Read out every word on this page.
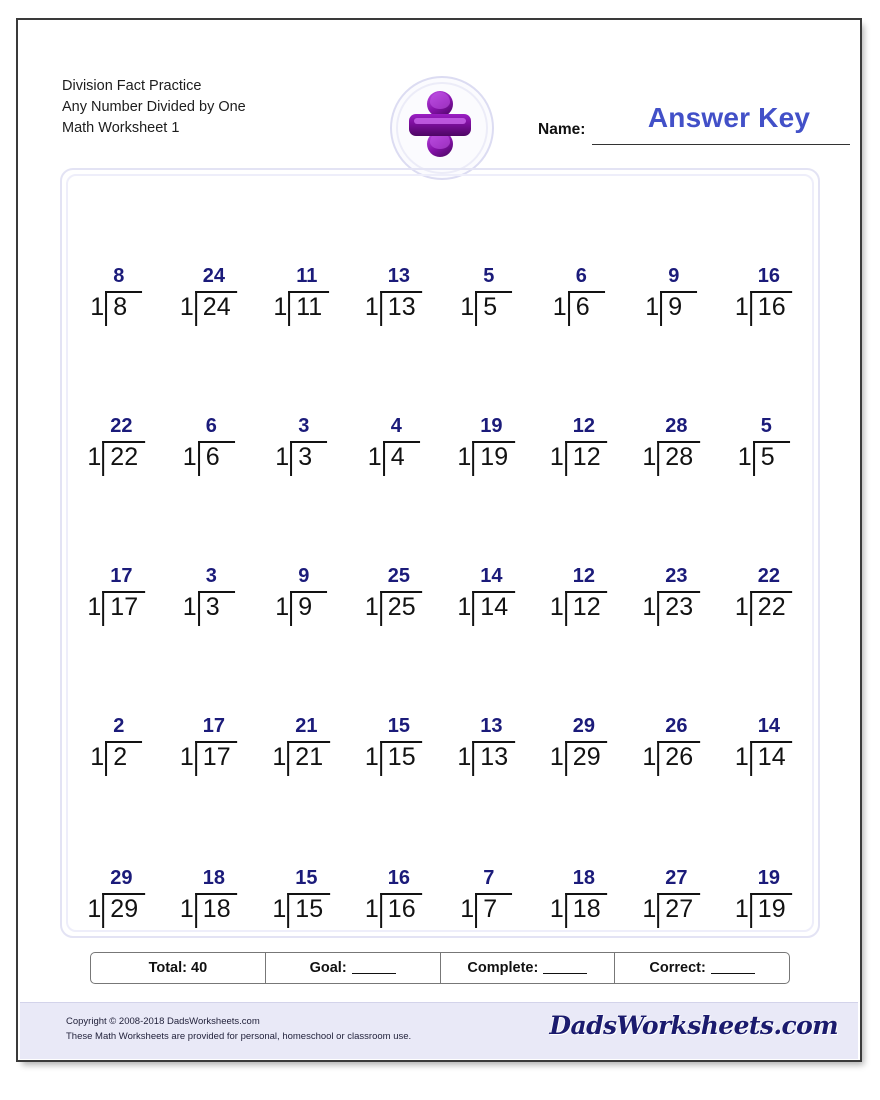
Division Fact Practice
Any Number Divided by One
Math Worksheet 1	Name:	Answer Key
1
8
8	1
24
24 1
11
11 1
13
13 1
5
5	1
6
6	1
9
9	1
16
16
1
22
22 1
6
6	1
3
3	1
4
4	1
19
19 1
12
12 1
28
28 1
5
5
1
17
17 1
3
3	1
9
9	1
25
25 1
14
14 1
12
12 1
23
23 1
22
22
1
2
2	1
17
17 1
21
21 1
15
15 1
13
13 1
29
29 1
26
26 1
14
14
1
29
29 1
18
18 1
15
15 1
16
16 1
7
7	1
18
18 1
27
27 1
19
19
Total: 40	Goal:	Complete:	Correct:
Copyright © 2008-2018 DadsWorksheets.com
These Math Worksheets are provided for personal, homeschool or classroom use.	DadsWorksheets.com
